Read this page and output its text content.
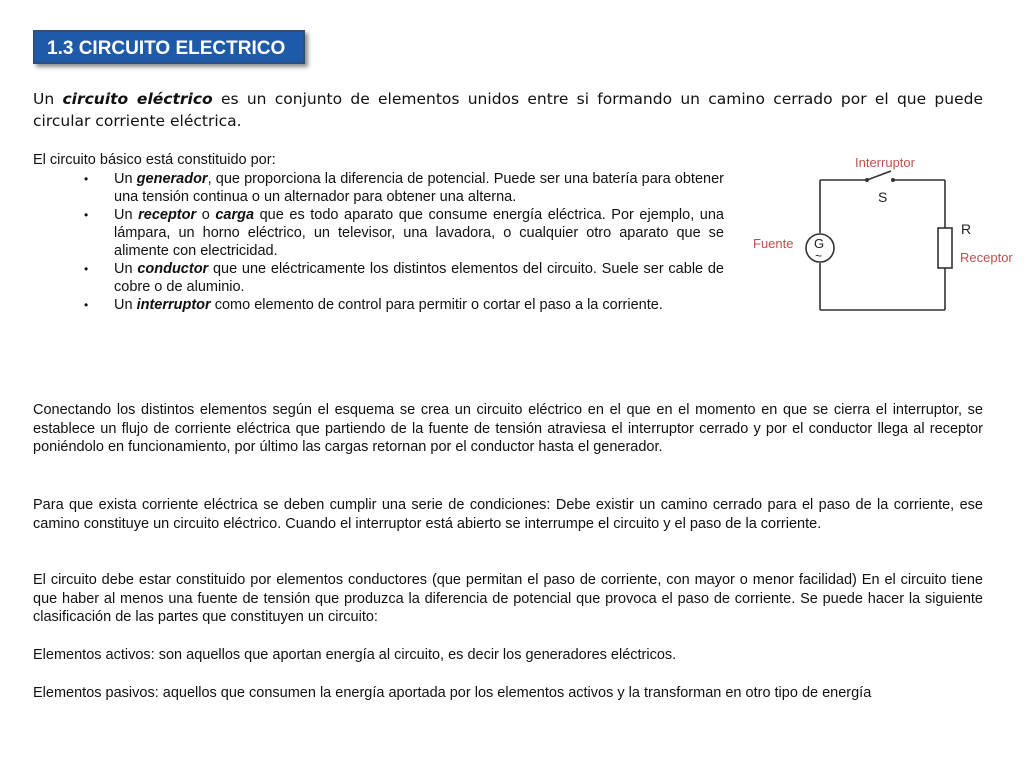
1.3 CIRCUITO ELECTRICO

Un circuito eléctrico es un conjunto de elementos unidos entre si formando un camino cerrado por el que puede circular corriente eléctrica.

El circuito básico está constituido por:
• Un generador, que proporciona la diferencia de potencial. Puede ser una batería para obtener una tensión continua o un alternador para obtener una alterna.
• Un receptor o carga que es todo aparato que consume energía eléctrica. Por ejemplo, una lámpara, un horno eléctrico, un televisor, una lavadora, o cualquier otro aparato que se alimente con electricidad.
• Un conductor que une eléctricamente los distintos elementos del circuito. Suele ser cable de cobre o de aluminio.
• Un interruptor como elemento de control para permitir o cortar el paso a la corriente.
G
~
Interruptor
S
R
Receptor
Fuente

Conectando los distintos elementos según el esquema se crea un circuito eléctrico en el que en el momento en que se cierra el interruptor, se establece un flujo de corriente eléctrica que partiendo de la fuente de tensión atraviesa el interruptor cerrado y por el conductor llega al receptor poniéndolo en funcionamiento, por último las cargas retornan por el conductor hasta el generador.

Para que exista corriente eléctrica se deben cumplir una serie de condiciones: Debe existir un camino cerrado para el paso de la corriente, ese camino constituye un circuito eléctrico. Cuando el interruptor está abierto se interrumpe el circuito y el paso de la corriente.

El circuito debe estar constituido por elementos conductores (que permitan el paso de corriente, con mayor o menor facilidad) En el circuito tiene que haber al menos una fuente de tensión que produzca la diferencia de potencial que provoca el paso de corriente. Se puede hacer la siguiente clasificación de las partes que constituyen un circuito:

Elementos activos: son aquellos que aportan energía al circuito, es decir los generadores eléctricos.

Elementos pasivos: aquellos que consumen la energía aportada por los elementos activos y la transforman en otro tipo de energía
